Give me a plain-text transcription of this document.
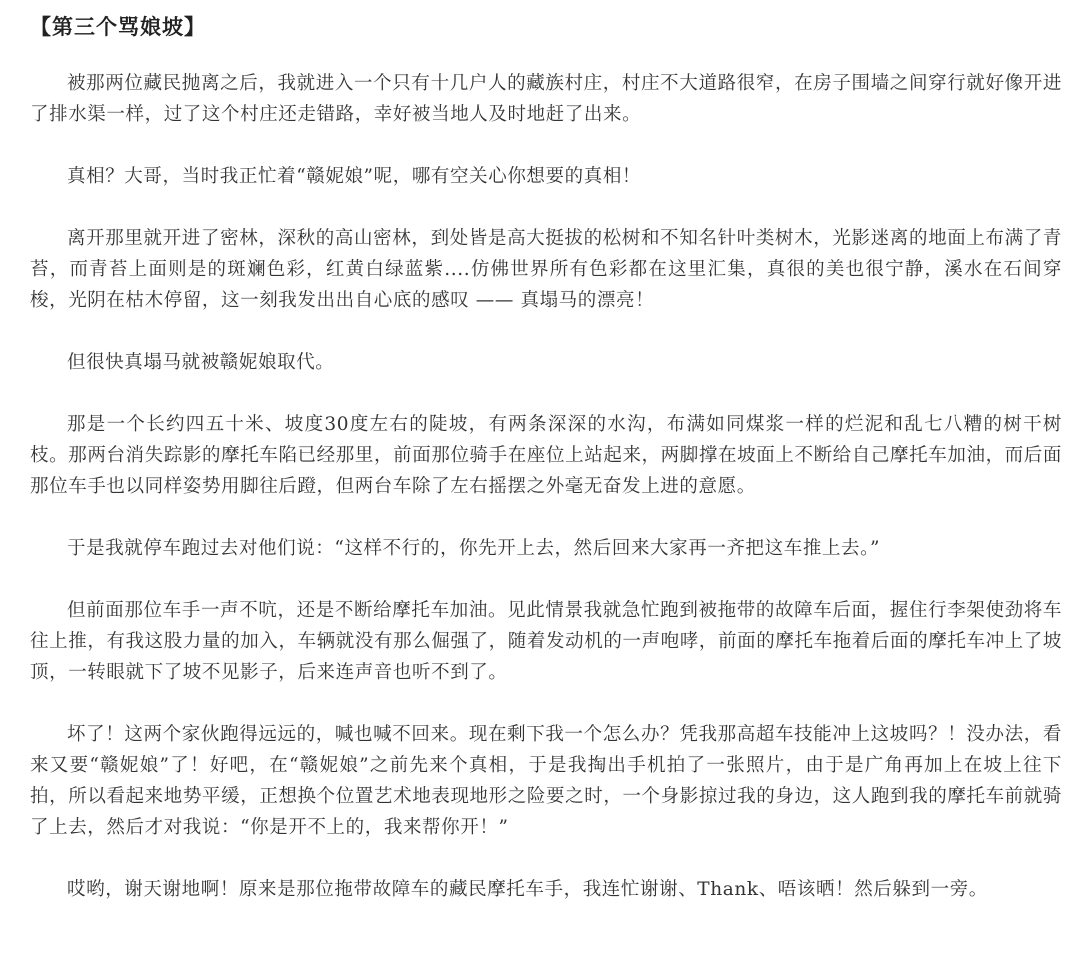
【第三个骂娘坡】

被那两位藏民抛离之后，我就进入一个只有十几户人的藏族村庄，村庄不大道路很窄，在房子围墙之间穿行就好像开进了排水渠一样，过了这个村庄还走错路，幸好被当地人及时地赶了出来。

真相？大哥，当时我正忙着“赣妮娘”呢，哪有空关心你想要的真相！

离开那里就开进了密林，深秋的高山密林，到处皆是高大挺拔的松树和不知名针叶类树木，光影迷离的地面上布满了青苔，而青苔上面则是的斑斓色彩，红黄白绿蓝紫....仿佛世界所有色彩都在这里汇集，真很的美也很宁静，溪水在石间穿梭，光阴在枯木停留，这一刻我发出出自心底的感叹 —— 真塌马的漂亮！

但很快真塌马就被赣妮娘取代。

那是一个长约四五十米、坡度30度左右的陡坡，有两条深深的水沟，布满如同煤浆一样的烂泥和乱七八糟的树干树枝。那两台消失踪影的摩托车陷已经那里，前面那位骑手在座位上站起来，两脚撑在坡面上不断给自己摩托车加油，而后面那位车手也以同样姿势用脚往后蹬，但两台车除了左右摇摆之外毫无奋发上进的意愿。

于是我就停车跑过去对他们说：“这样不行的，你先开上去，然后回来大家再一齐把这车推上去。”

但前面那位车手一声不吭，还是不断给摩托车加油。见此情景我就急忙跑到被拖带的故障车后面，握住行李架使劲将车往上推，有我这股力量的加入，车辆就没有那么倔强了，随着发动机的一声咆哮，前面的摩托车拖着后面的摩托车冲上了坡顶，一转眼就下了坡不见影子，后来连声音也听不到了。

坏了！这两个家伙跑得远远的，喊也喊不回来。现在剩下我一个怎么办？凭我那高超车技能冲上这坡吗？！没办法，看来又要“赣妮娘”了！好吧，在“赣妮娘”之前先来个真相，于是我掏出手机拍了一张照片，由于是广角再加上在坡上往下拍，所以看起来地势平缓，正想换个位置艺术地表现地形之险要之时，一个身影掠过我的身边，这人跑到我的摩托车前就骑了上去，然后才对我说：“你是开不上的，我来帮你开！”

哎哟，谢天谢地啊！原来是那位拖带故障车的藏民摩托车手，我连忙谢谢、Thank、唔该晒！然后躲到一旁。
